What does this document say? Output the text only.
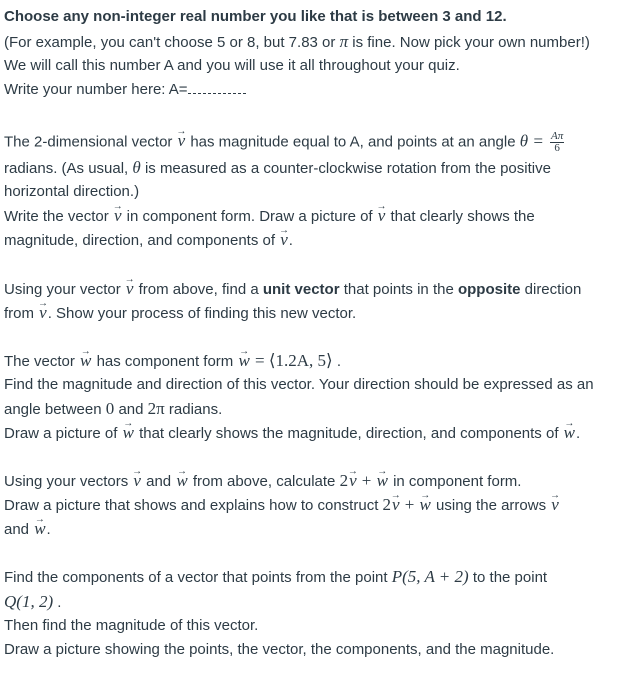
Choose any non-integer real number you like that is between 3 and 12.
(For example, you can't choose 5 or 8, but 7.83 or π is fine. Now pick your own number!)
We will call this number A and you will use it all throughout your quiz.
Write your number here: A=
The 2-dimensional vector → v has magnitude equal to A, and points at an angle $\theta = \frac{A\pi}{6}$
radians. (As usual, θ is measured as a counter-clockwise rotation from the positive
horizontal direction.)
Write the vector → v in component form. Draw a picture of → v that clearly shows the
magnitude, direction, and components of → v.
Using your vector → v from above, find a unit vector that points in the opposite direction
from → v. Show your process of finding this new vector.
The vector → w has component form → w = ⟨1.2A, 5⟩ .
Find the magnitude and direction of this vector. Your direction should be expressed as an
angle between 0 and 2π radians.
Draw a picture of → w that clearly shows the magnitude, direction, and components of → w.
Using your vectors → v and → w from above, calculate 2→ v + → w in component form.
Draw a picture that shows and explains how to construct 2→ v + → w using the arrows → v
and → w.
Find the components of a vector that points from the point P(5, A + 2) to the point
Q(1, 2) .
Then find the magnitude of this vector.
Draw a picture showing the points, the vector, the components, and the magnitude.
